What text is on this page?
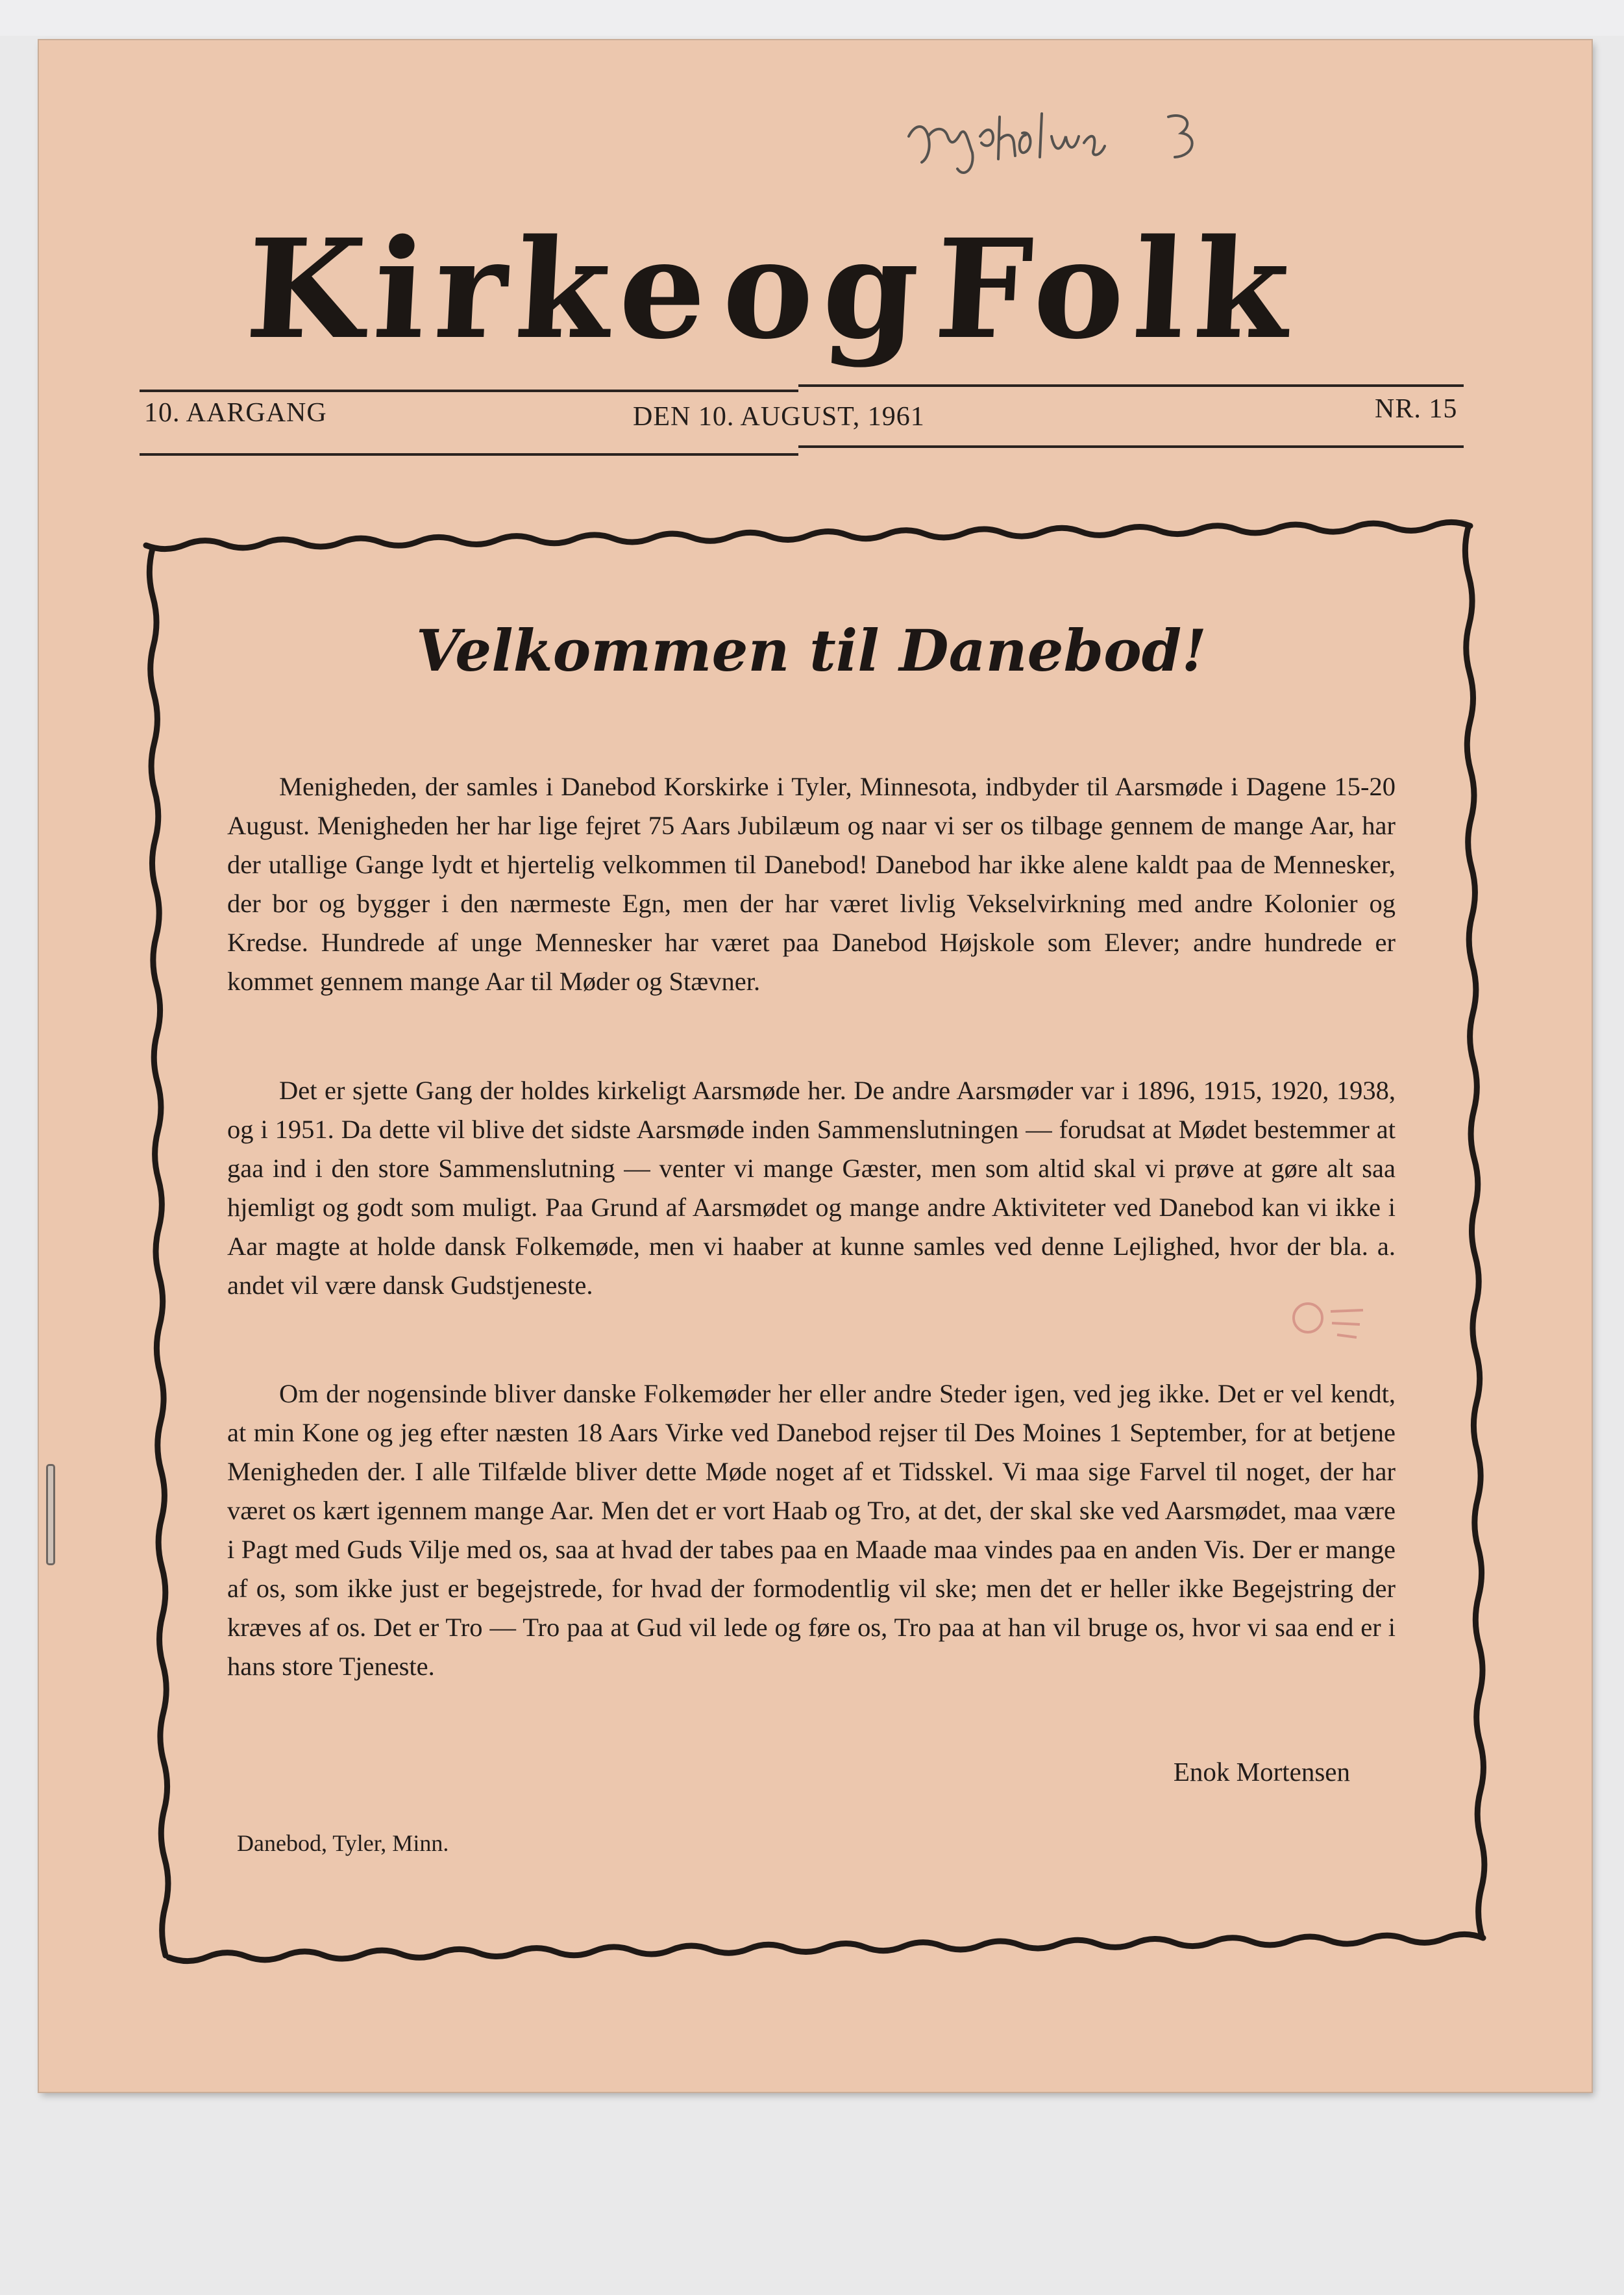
Kirke og Folk
10. AARGANG	DEN 10. AUGUST, 1961	NR. 15
Velkommen til Danebod!

Menigheden, der samles i Danebod Korskirke i Tyler, Minnesota, indbyder til Aarsmøde i Dagene 15-20 August. Menigheden her har lige fejret 75 Aars Jubilæum og naar vi ser os tilbage gennem de mange Aar, har der utallige Gange lydt et hjertelig velkommen til Danebod! Danebod har ikke alene kaldt paa de Mennesker, der bor og bygger i den nærmeste Egn, men der har været livlig Vekselvirkning med andre Kolonier og Kredse. Hundrede af unge Mennesker har været paa Danebod Højskole som Elever; andre hundrede er kommet gennem mange Aar til Møder og Stævner.

Det er sjette Gang der holdes kirkeligt Aarsmøde her. De andre Aarsmøder var i 1896, 1915, 1920, 1938, og i 1951. Da dette vil blive det sidste Aarsmøde inden Sammenslutningen — forudsat at Mødet bestemmer at gaa ind i den store Sammenslutning — venter vi mange Gæster, men som altid skal vi prøve at gøre alt saa hjemligt og godt som muligt. Paa Grund af Aarsmødet og mange andre Aktiviteter ved Danebod kan vi ikke i Aar magte at holde dansk Folkemøde, men vi haaber at kunne samles ved denne Lejlighed, hvor der bla. a. andet vil være dansk Gudstjeneste.

Om der nogensinde bliver danske Folkemøder her eller andre Steder igen, ved jeg ikke. Det er vel kendt, at min Kone og jeg efter næsten 18 Aars Virke ved Danebod rejser til Des Moines 1 September, for at betjene Menigheden der. I alle Tilfælde bliver dette Møde noget af et Tidsskel. Vi maa sige Farvel til noget, der har været os kært igennem mange Aar. Men det er vort Haab og Tro, at det, der skal ske ved Aarsmødet, maa være i Pagt med Guds Vilje med os, saa at hvad der tabes paa en Maade maa vindes paa en anden Vis. Der er mange af os, som ikke just er begejstrede, for hvad der formodentlig vil ske; men det er heller ikke Begejstring der kræves af os. Det er Tro — Tro paa at Gud vil lede og føre os, Tro paa at han vil bruge os, hvor vi saa end er i hans store Tjeneste.

Enok Mortensen
Danebod, Tyler, Minn.
